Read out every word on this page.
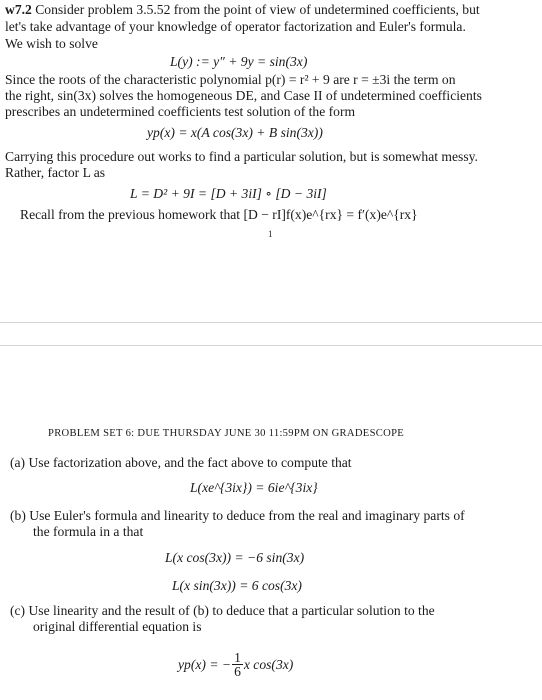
w7.2 Consider problem 3.5.52 from the point of view of undetermined coefficients, but
let's take advantage of your knowledge of operator factorization and Euler's formula.
We wish to solve
L(y) := y″ + 9y = sin(3x)
Since the roots of the characteristic polynomial p(r) = r² + 9 are r = ±3i the term on
the right, sin(3x) solves the homogeneous DE, and Case II of undetermined coefficients
prescribes an undetermined coefficients test solution of the form
yp(x) = x(A cos(3x) + B sin(3x))
Carrying this procedure out works to find a particular solution, but is somewhat messy.
Rather, factor L as
L = D² + 9I = [D + 3iI] ∘ [D − 3iI]
Recall from the previous homework that [D − rI]f(x)e^{rx} = f′(x)e^{rx}
1
PROBLEM SET 6: DUE THURSDAY JUNE 30 11:59PM ON GRADESCOPE
(a) Use factorization above, and the fact above to compute that
L(xe^{3ix}) = 6ie^{3ix}
(b) Use Euler's formula and linearity to deduce from the real and imaginary parts of
the formula in a that
L(x cos(3x)) = −6 sin(3x)
L(x sin(3x)) = 6 cos(3x)
(c) Use linearity and the result of (b) to deduce that a particular solution to the
original differential equation is
yp(x) = − $\frac{1}{6}$ x cos(3x)
